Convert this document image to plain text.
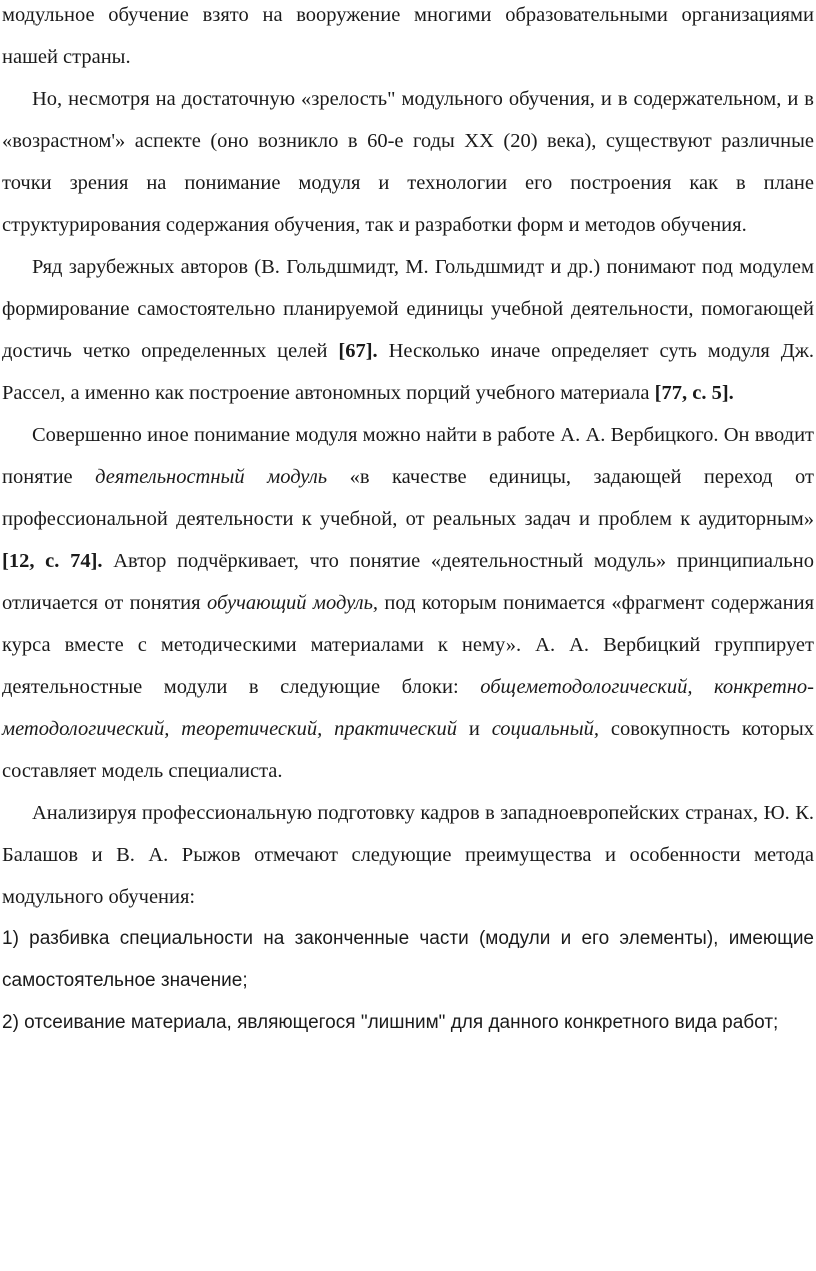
модульное обучение взято на вооружение многими образовательными организациями нашей страны.

Но, несмотря на достаточную «зрелость" модульного обучения, и в содержательном, и в «возрастном'» аспекте (оно возникло в 60-е годы XX (20) века), существуют различные точки зрения на понимание модуля и технологии его построения как в плане структурирования содержания обучения, так и разработки форм и методов обучения.

Ряд зарубежных авторов (В. Гольдшмидт, М. Гольдшмидт и др.) понимают под модулем формирование самостоятельно планируемой единицы учебной деятельности, помогающей достичь четко определенных целей [67]. Несколько иначе определяет суть модуля Дж. Рассел, а именно как построение автономных порций учебного материала [77, с. 5].

Совершенно иное понимание модуля можно найти в работе А. А. Вербицкого. Он вводит понятие деятельностный модуль «в качестве единицы, задающей переход от профессиональной деятельности к учебной, от реальных задач и проблем к аудиторным» [12, с. 74]. Автор подчёркивает, что понятие «деятельностный модуль» принципиально отличается от понятия обучающий модуль, под которым понимается «фрагмент содержания курса вместе с методическими материалами к нему». А. А. Вербицкий группирует деятельностные модули в следующие блоки: общеметодологический, конкретно-методологический, теоретический, практический и социальный, совокупность которых составляет модель специалиста.

Анализируя профессиональную подготовку кадров в западноевропейских странах, Ю. К. Балашов и В. А. Рыжов отмечают следующие преимущества и особенности метода модульного обучения:

1) разбивка специальности на законченные части (модули и его элементы), имеющие самостоятельное значение;

2) отсеивание материала, являющегося "лишним" для данного конкретного вида работ;
